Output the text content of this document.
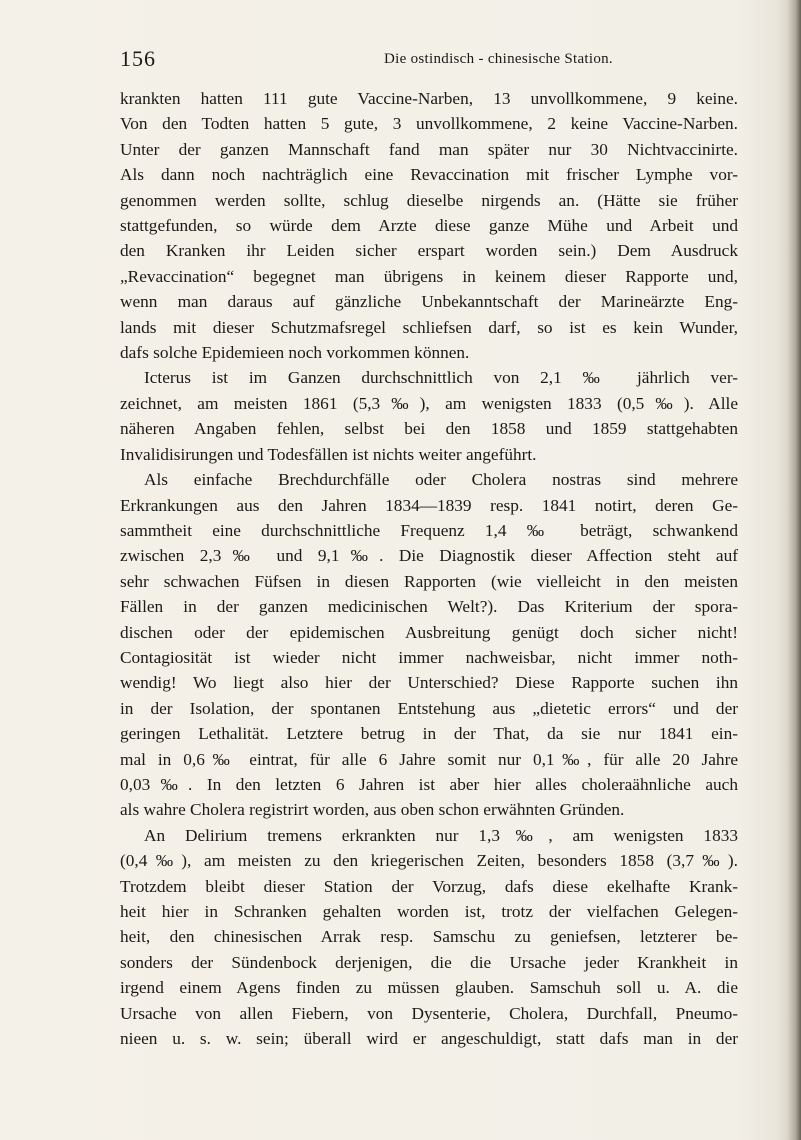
156	Die ostindisch - chinesische Station.

krankten hatten 111 gute Vaccine-Narben, 13 unvollkommene, 9 keine.
Von den Todten hatten 5 gute, 3 unvollkommene, 2 keine Vaccine-Narben.
Unter der ganzen Mannschaft fand man später nur 30 Nichtvaccinirte.
Als dann noch nachträglich eine Revaccination mit frischer Lymphe vor-
genommen werden sollte, schlug dieselbe nirgends an. (Hätte sie früher
stattgefunden, so würde dem Arzte diese ganze Mühe und Arbeit und
den Kranken ihr Leiden sicher erspart worden sein.) Dem Ausdruck
„Revaccination“ begegnet man übrigens in keinem dieser Rapporte und,
wenn man daraus auf gänzliche Unbekanntschaft der Marineärzte Eng-
lands mit dieser Schutzmafsregel schliefsen darf, so ist es kein Wunder,
dafs solche Epidemieen noch vorkommen können.

Icterus ist im Ganzen durchschnittlich von 2,1 ‰ jährlich ver-
zeichnet, am meisten 1861 (5,3‰), am wenigsten 1833 (0,5‰). Alle
näheren Angaben fehlen, selbst bei den 1858 und 1859 stattgehabten
Invalidisirungen und Todesfällen ist nichts weiter angeführt.

Als einfache Brechdurchfälle oder Cholera nostras sind mehrere
Erkrankungen aus den Jahren 1834—1839 resp. 1841 notirt, deren Ge-
sammtheit eine durchschnittliche Frequenz 1,4 ‰ beträgt, schwankend
zwischen 2,3‰ und 9,1‰. Die Diagnostik dieser Affection steht auf
sehr schwachen Füfsen in diesen Rapporten (wie vielleicht in den meisten
Fällen in der ganzen medicinischen Welt?). Das Kriterium der spora-
dischen oder der epidemischen Ausbreitung genügt doch sicher nicht!
Contagiosität ist wieder nicht immer nachweisbar, nicht immer noth-
wendig! Wo liegt also hier der Unterschied? Diese Rapporte suchen ihn
in der Isolation, der spontanen Entstehung aus „dietetic errors“ und der
geringen Lethalität. Letztere betrug in der That, da sie nur 1841 ein-
mal in 0,6‰ eintrat, für alle 6 Jahre somit nur 0,1‰, für alle 20 Jahre
0,03‰. In den letzten 6 Jahren ist aber hier alles choleraähnliche auch
als wahre Cholera registrirt worden, aus oben schon erwähnten Gründen.

An Delirium tremens erkrankten nur 1,3‰, am wenigsten 1833
(0,4‰), am meisten zu den kriegerischen Zeiten, besonders 1858 (3,7‰).
Trotzdem bleibt dieser Station der Vorzug, dafs diese ekelhafte Krank-
heit hier in Schranken gehalten worden ist, trotz der vielfachen Gelegen-
heit, den chinesischen Arrak resp. Samschu zu geniefsen, letzterer be-
sonders der Sündenbock derjenigen, die die Ursache jeder Krankheit in
irgend einem Agens finden zu müssen glauben. Samschuh soll u. A. die
Ursache von allen Fiebern, von Dysenterie, Cholera, Durchfall, Pneumo-
nieen u. s. w. sein; überall wird er angeschuldigt, statt dafs man in der
